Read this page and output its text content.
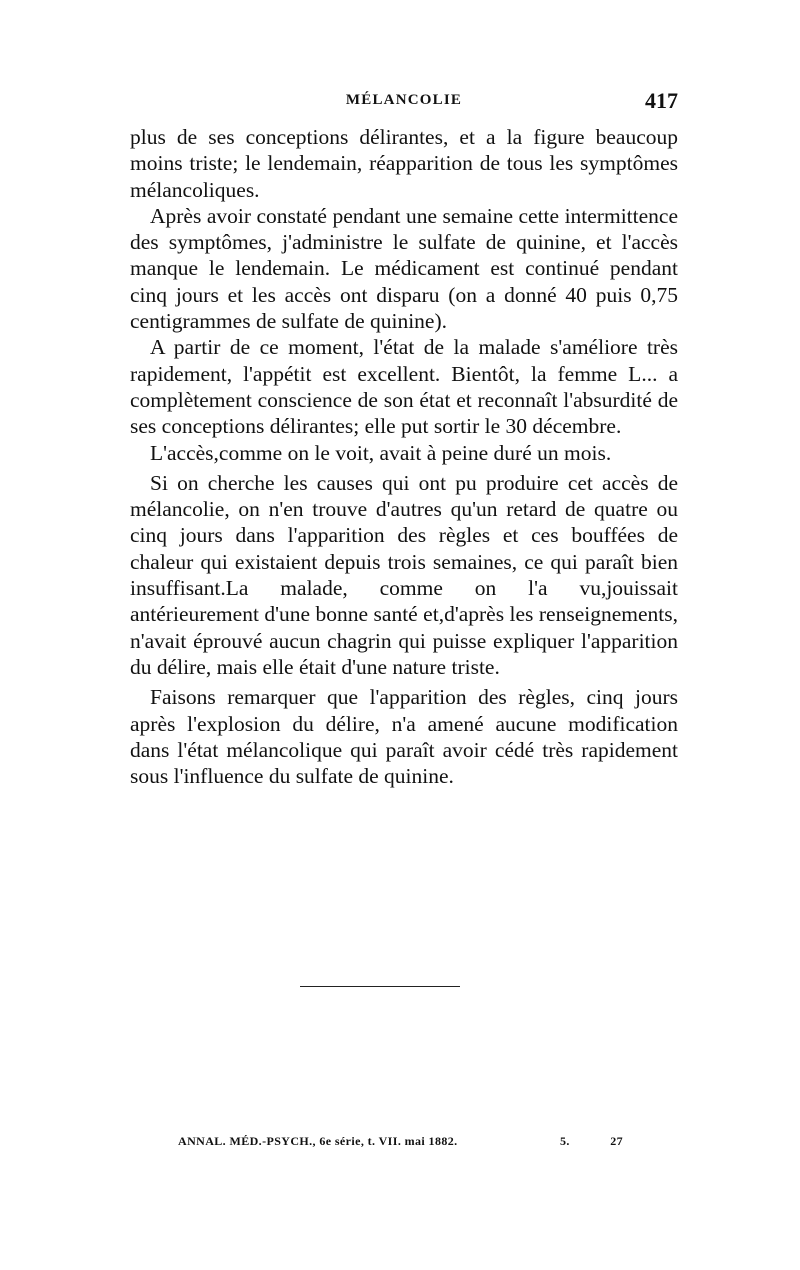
MÉLANCOLIE	417

plus de ses conceptions délirantes, et a la figure beaucoup moins triste; le lendemain, réapparition de tous les symptômes mélancoliques.

Après avoir constaté pendant une semaine cette intermittence des symptômes, j'administre le sulfate de quinine, et l'accès manque le lendemain. Le médicament est continué pendant cinq jours et les accès ont disparu (on a donné 40 puis 0,75 centigrammes de sulfate de quinine).

A partir de ce moment, l'état de la malade s'améliore très rapidement, l'appétit est excellent. Bientôt, la femme L... a complètement conscience de son état et reconnaît l'absurdité de ses conceptions délirantes; elle put sortir le 30 décembre.

L'accès,comme on le voit, avait à peine duré un mois.

Si on cherche les causes qui ont pu produire cet accès de mélancolie, on n'en trouve d'autres qu'un retard de quatre ou cinq jours dans l'apparition des règles et ces bouffées de chaleur qui existaient depuis trois semaines, ce qui paraît bien insuffisant.La malade, comme on l'a vu,jouissait antérieurement d'une bonne santé et,d'après les renseignements, n'avait éprouvé aucun chagrin qui puisse expliquer l'apparition du délire, mais elle était d'une nature triste.

Faisons remarquer que l'apparition des règles, cinq jours après l'explosion du délire, n'a amené aucune modification dans l'état mélancolique qui paraît avoir cédé très rapidement sous l'influence du sulfate de quinine.

ANNAL. MÉD.-PSYCH., 6e série, t. VII. mai 1882.	5.	27
